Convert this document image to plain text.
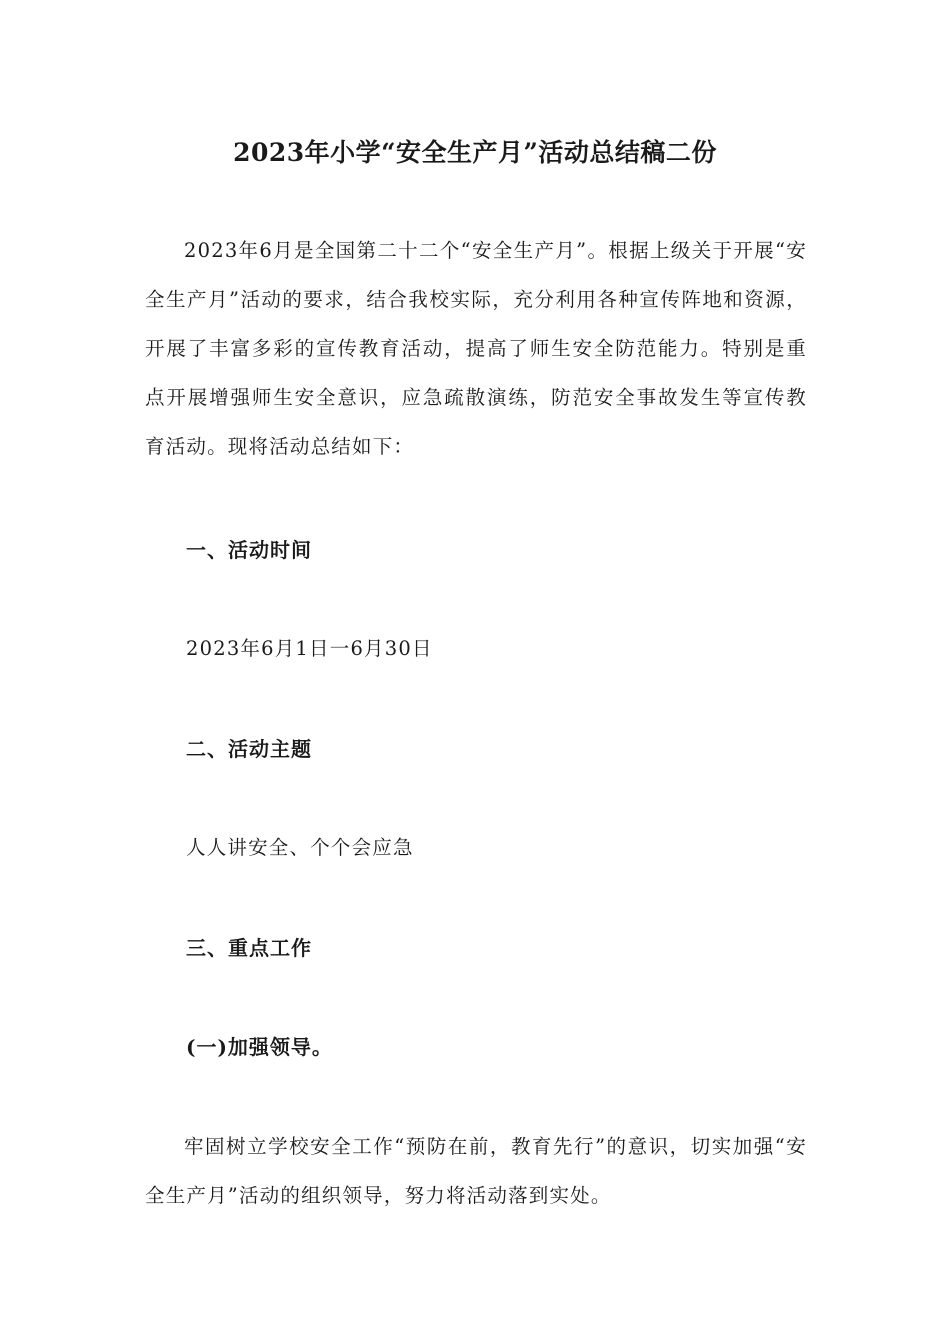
2023年小学“安全生产月”活动总结稿二份

2023年6月是全国第二十二个“安全生产月”。根据上级关于开展“安全生产月”活动的要求，结合我校实际，充分利用各种宣传阵地和资源，开展了丰富多彩的宣传教育活动，提高了师生安全防范能力。特别是重点开展增强师生安全意识，应急疏散演练，防范安全事故发生等宣传教育活动。现将活动总结如下：

一、活动时间

2023年6月1日一6月30日

二、活动主题

人人讲安全、个个会应急

三、重点工作
(一)加强领导。

牢固树立学校安全工作“预防在前，教育先行”的意识，切实加强“安全生产月”活动的组织领导，努力将活动落到实处。
